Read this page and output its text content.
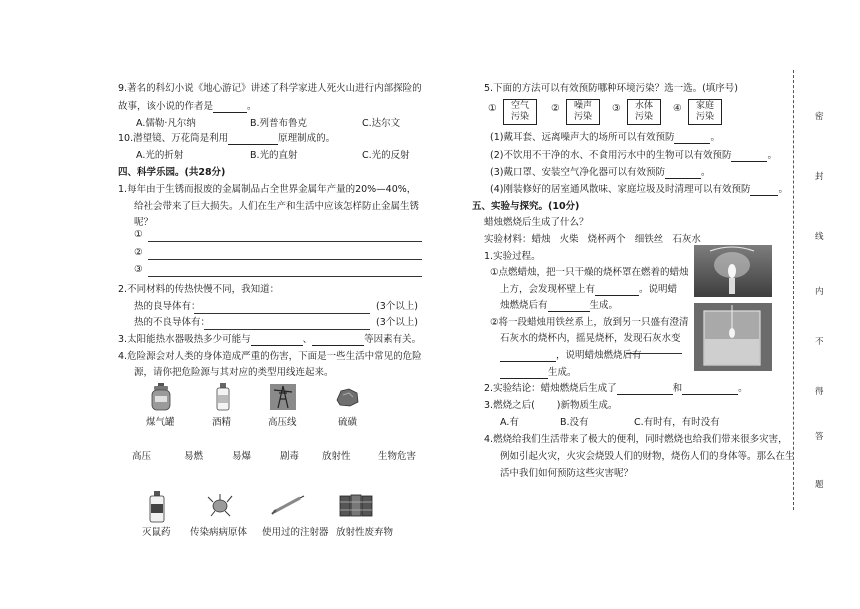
9.著名的科幻小说《地心游记》讲述了科学家进人死火山进行内部探险的
故事，该小说的作者是	。
A.儒勒·凡尔纳	B.列普布鲁克	C.达尔文
10.潜望镜、万花筒是利用	原理制成的。
A.光的折射	B.光的直射	C.光的反射
四、科学乐园。(共28分)
1.每年由于生锈而报废的金属制品占全世界金属年产量的20%—40%，
给社会带来了巨大损失。人们在生产和生活中应该怎样防止金属生锈
呢？
①
②
③
2.不同材料的传热快慢不同，我知道：
热的良导体有：	(3个以上)
热的不良导体有：	(3个以上)
3.太阳能热水器吸热多少可能与	、	等因素有关。
4.危险源会对人类的身体造成严重的伤害，下面是一些生活中常见的危险
源，请你把危险源与其对应的类型用线连起来。
煤气罐	酒精	高压线	硫磺
高压	易燃	易爆	剧毒 放射性	生物危害
灭鼠药 传染病病原体 使用过的注射器 放射性废弃物
5.下面的方法可以有效预防哪种环境污染？选一选。(填序号)
①	空气
污染
②	噪声
污染
③	水体
污染
④	家庭
污染
(1)戴耳套、远离噪声大的场所可以有效预防	。
(2)不饮用不干净的水、不食用污水中的生物可以有效预防	。
(3)戴口罩、安装空气净化器可以有效预防	。
(4)刚装修好的居室通风散味、家庭垃圾及时清理可以有效预防	。
五、实验与探究。(10分)
蜡烛燃烧后生成了什么？
实验材料：蜡烛 火柴 烧杯两个 细铁丝 石灰水
1.实验过程。
①点燃蜡烛，把一只干燥的烧杯罩在燃着的蜡烛
上方，会发现杯壁上有	。说明蜡
烛燃烧后有	生成。
②将一段蜡烛用铁丝系上，放到另一只盛有澄清
石灰水的烧杯内，摇晃烧杯，发现石灰水变
，说明蜡烛燃烧后有
生成。
2.实验结论：蜡烛燃烧后生成了	和	。
3.燃烧之后( )新物质生成。
A.有	B.没有	C.有时有，有时没有
4.燃烧给我们生活带来了极大的便利，同时燃烧也给我们带来很多灾害，
例如引起火灾，火灾会烧毁人们的财物，烧伤人们的身体等。那么在生
活中我们如何预防这些灾害呢？
密
封
线
内
不
得
答
题
